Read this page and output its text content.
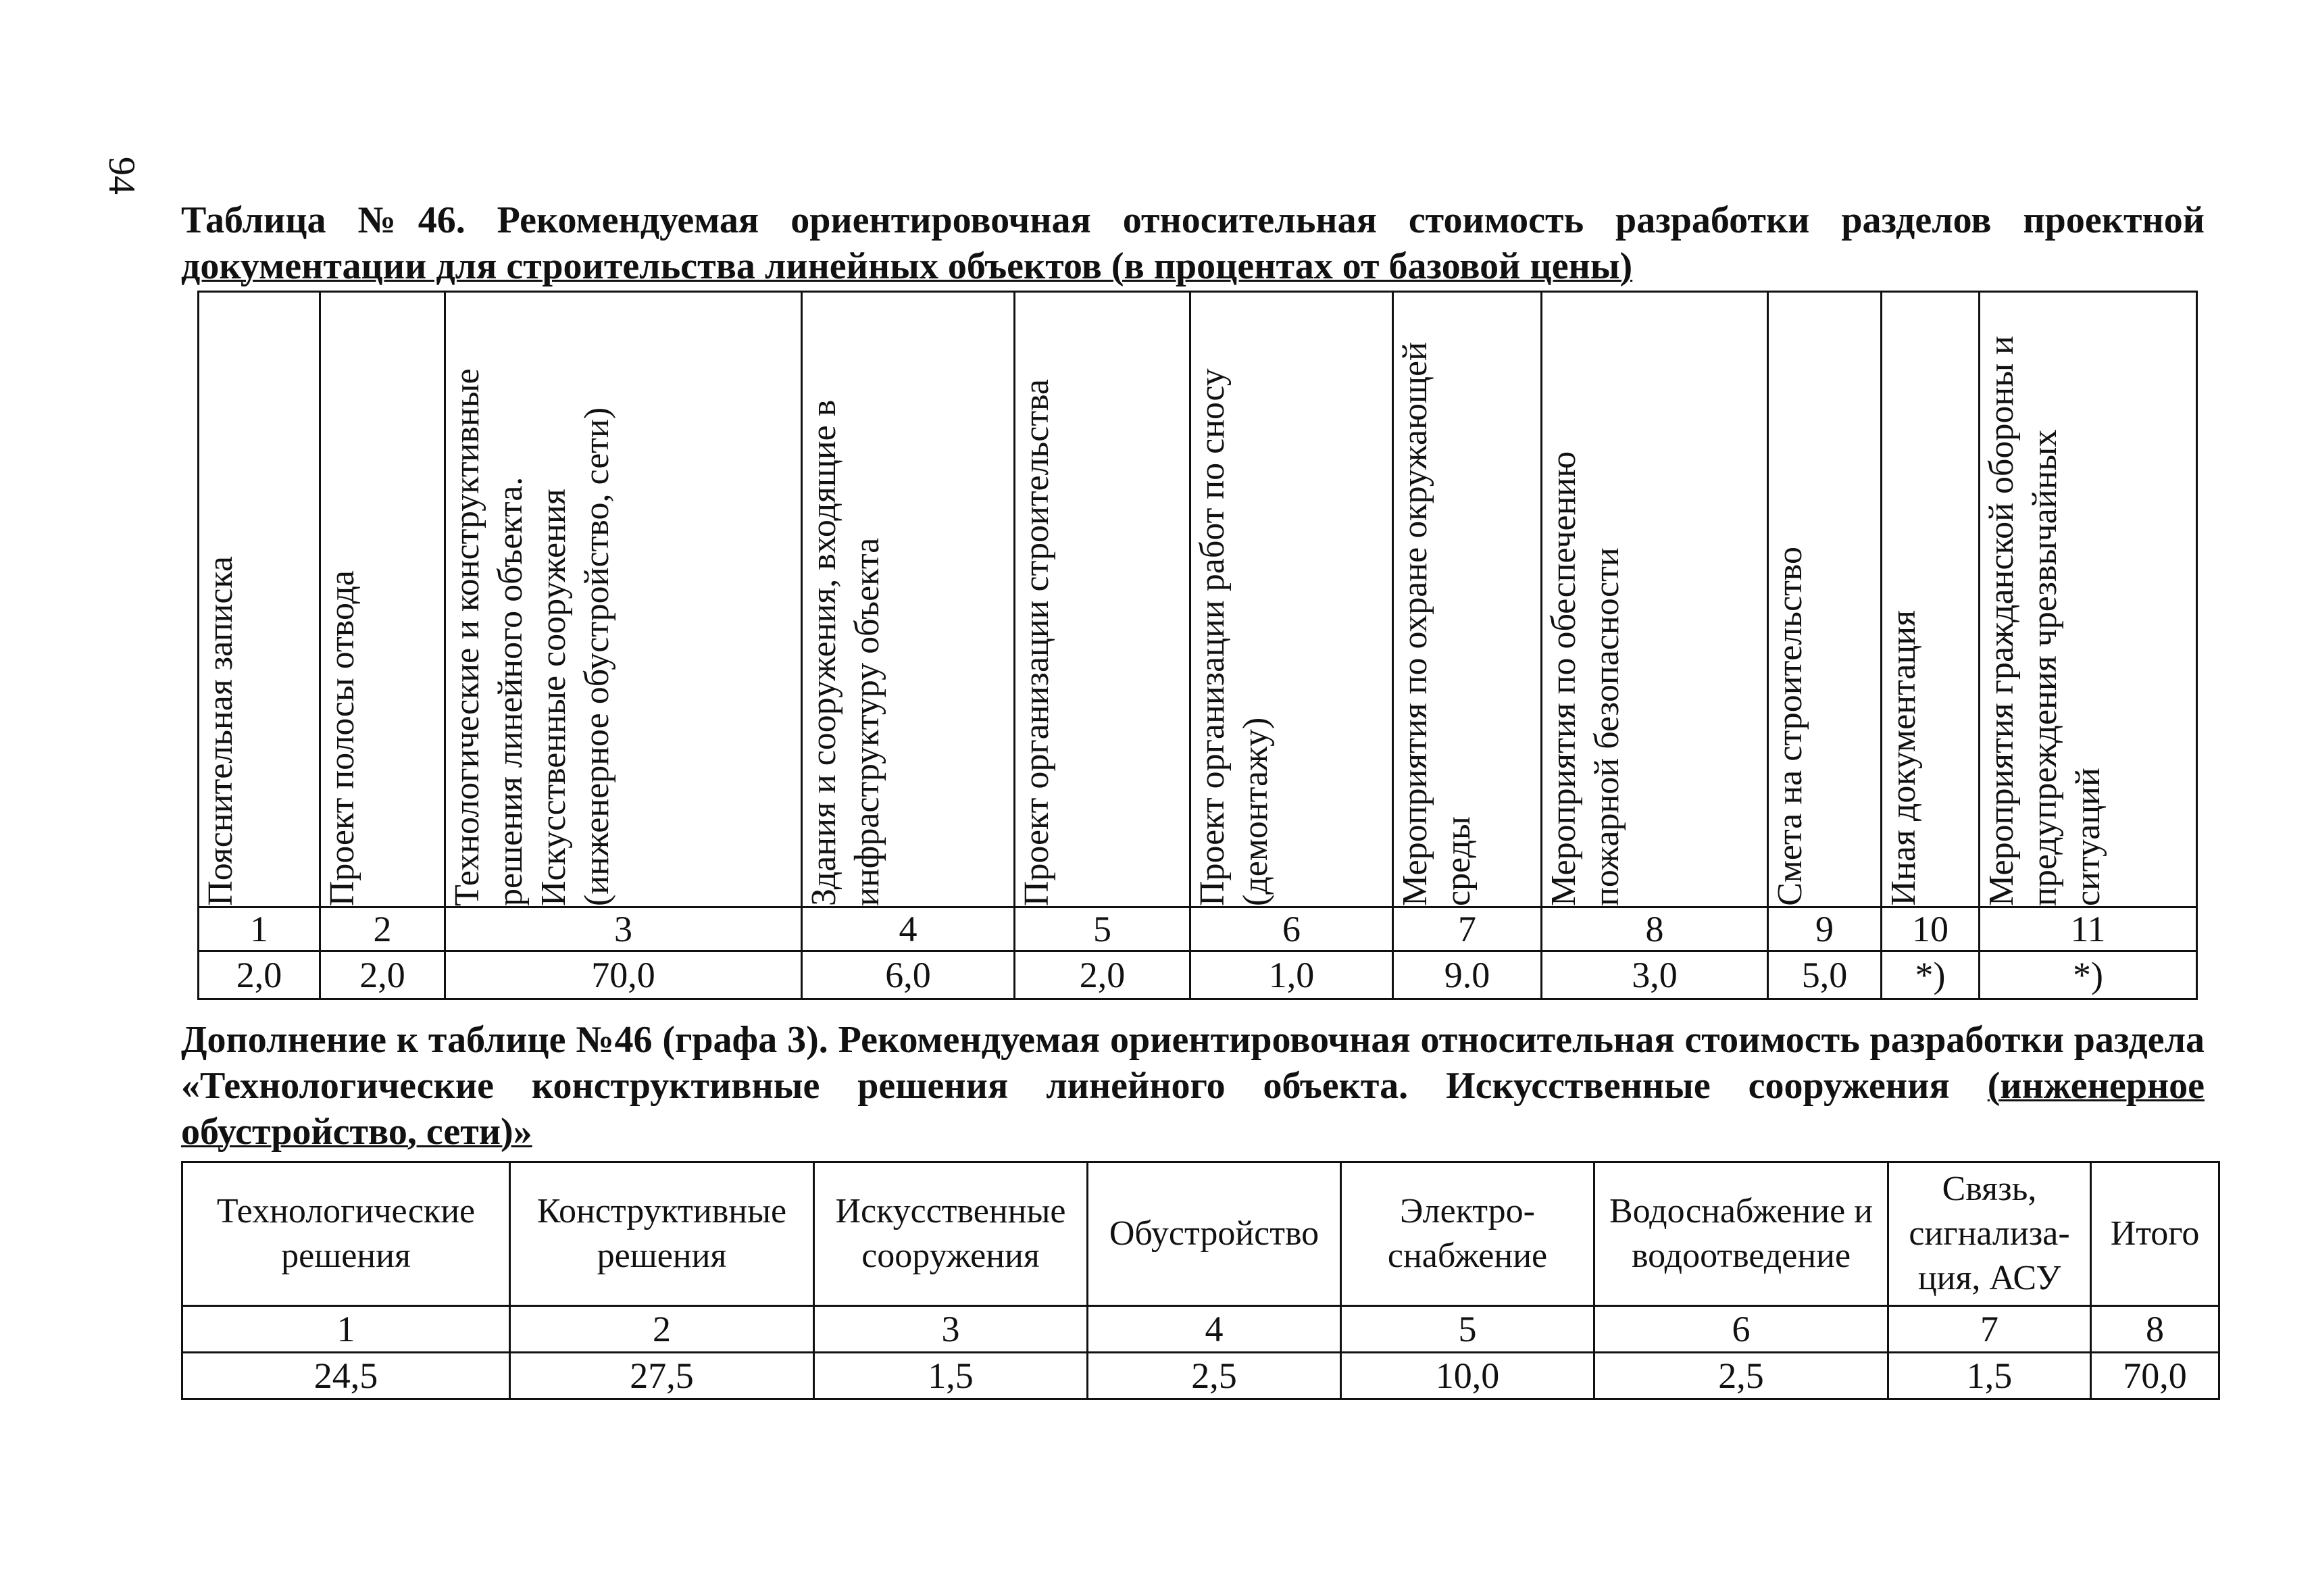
94
Таблица №46. Рекомендуемая ориентировочная относительная стоимость разработки разделов проектной документации для строительства линейных объектов (в процентах от базовой цены)
Пояснительная записка	Проект полосы отвода	Технологические и конструктивные решения линейного объекта. Искусственные сооружения (инженерное обустройство, сети)	Здания и сооружения, входящие в инфраструктуру объекта	Проект организации строительства	Проект организации работ по сносу (демонтажу)	Мероприятия по охране окружающей среды	Мероприятия по обеспечению пожарной безопасности	Смета на строительство	Иная документация	Мероприятия гражданской обороны и предупреждения чрезвычайных ситуаций

1	2	3	4	5	6	7	8	9	10	11
2,0	2,0	70,0	6,0	2,0	1,0	9.0	3,0	5,0	*)	*)
Дополнение к таблице №46 (графа 3). Рекомендуемая ориентировочная относительная стоимость разработки раздела «Технологические конструктивные решения линейного объекта. Искусственные сооружения (инженерное обустройство, сети)»
Технологические решения	Конструктивные решения	Искусственные сооружения	Обустройство	Электро- снабжение	Водоснабжение и водоотведение	Связь, сигнализа- ция, АСУ	Итого
1	2	3	4	5	6	7	8
24,5	27,5	1,5	2,5	10,0	2,5	1,5	70,0
